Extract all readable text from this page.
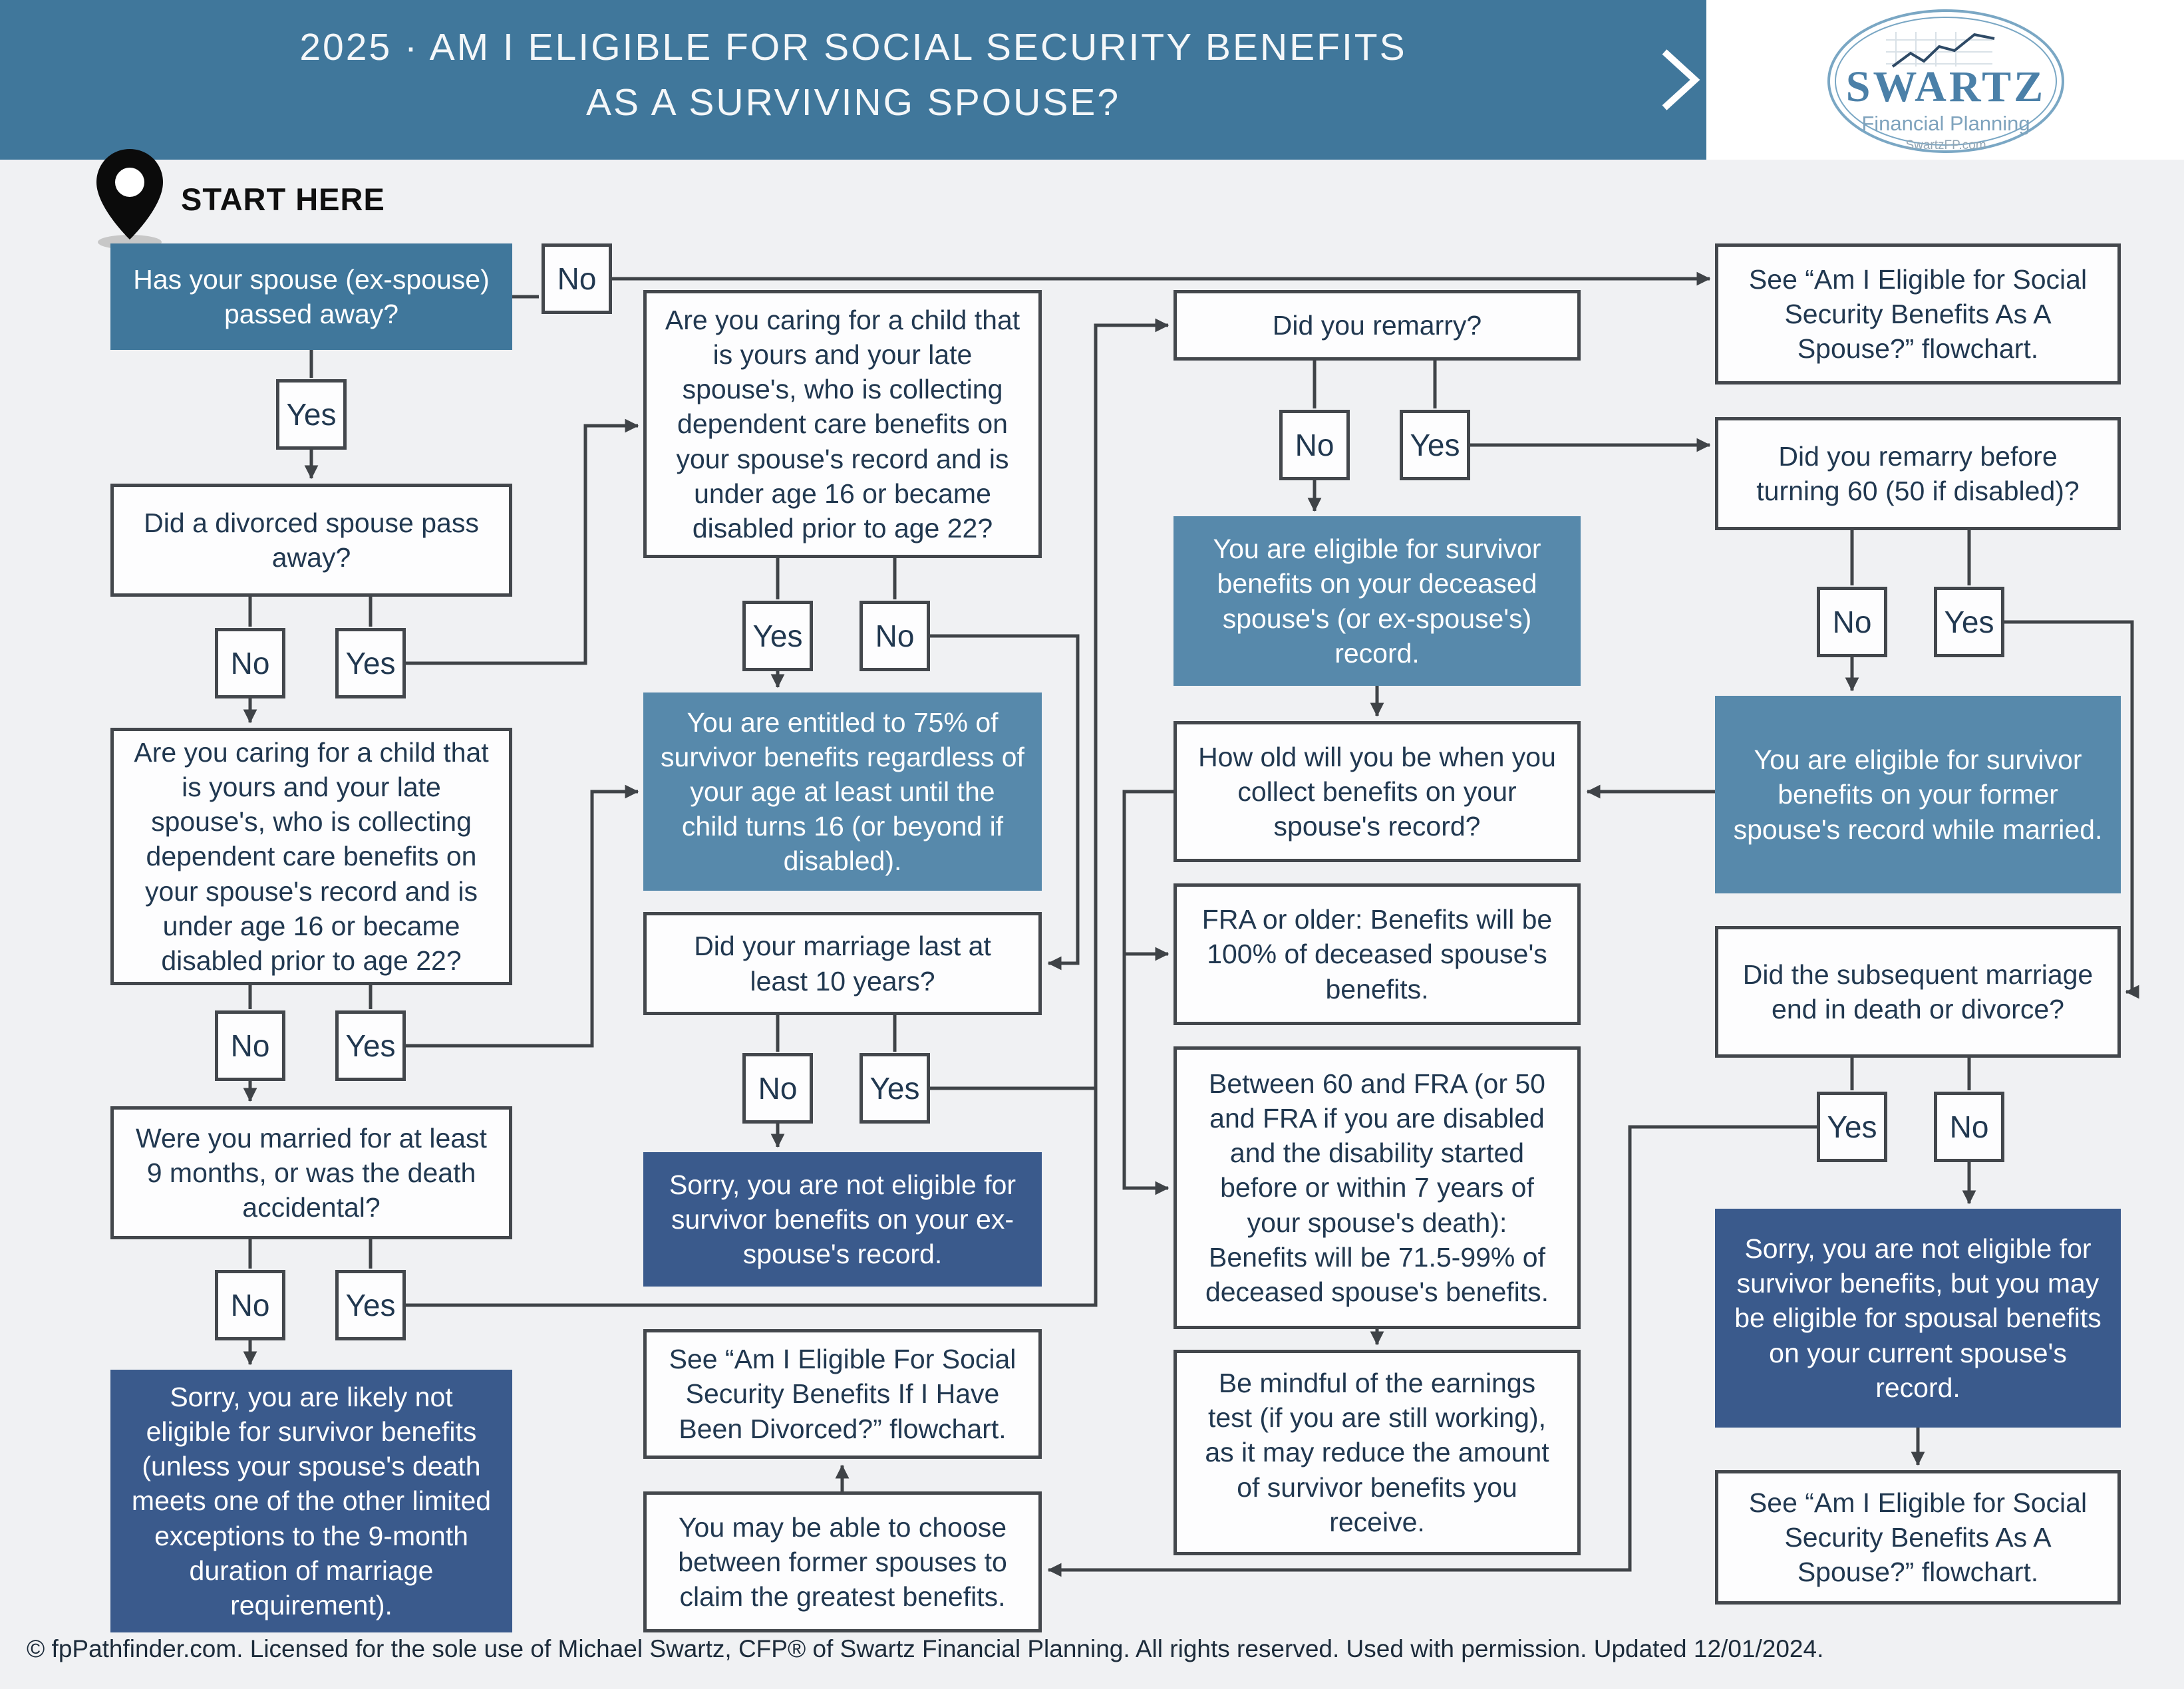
2025 · AM I ELIGIBLE FOR SOCIAL SECURITY BENEFITS
AS A SURVIVING SPOUSE?	SWARTZ
Financial Planning
SwartzFP.com
START HERE
Has your spouse (ex-spouse) passed away?
No
Yes
Did a divorced spouse pass away?
No Yes
Are you caring for a child that is yours and your late spouse's, who is collecting dependent care benefits on your spouse's record and is under age 16 or became disabled prior to age 22?
No Yes
Were you married for at least 9 months, or was the death accidental?
No Yes
Sorry, you are likely not eligible for survivor benefits (unless your spouse's death meets one of the other limited exceptions to the 9-month duration of marriage requirement).
Are you caring for a child that is yours and your late spouse's, who is collecting dependent care benefits on your spouse's record and is under age 16 or became disabled prior to age 22?
Yes No
You are entitled to 75% of survivor benefits regardless of your age at least until the child turns 16 (or beyond if disabled).
Did your marriage last at least 10 years?
No Yes
Sorry, you are not eligible for survivor benefits on your ex-spouse's record.
See “Am I Eligible For Social Security Benefits If I Have Been Divorced?” flowchart.
You may be able to choose between former spouses to claim the greatest benefits.
Did you remarry?
No Yes
You are eligible for survivor benefits on your deceased spouse's (or ex-spouse's) record.
How old will you be when you collect benefits on your spouse's record?
FRA or older: Benefits will be 100% of deceased spouse's benefits.
Between 60 and FRA (or 50 and FRA if you are disabled and the disability started before or within 7 years of your spouse's death): Benefits will be 71.5-99% of deceased spouse's benefits.
Be mindful of the earnings test (if you are still working), as it may reduce the amount of survivor benefits you receive.
See “Am I Eligible for Social Security Benefits As A Spouse?” flowchart.
Did you remarry before turning 60 (50 if disabled)?
No Yes
You are eligible for survivor benefits on your former spouse's record while married.
Did the subsequent marriage end in death or divorce?
Yes No
Sorry, you are not eligible for survivor benefits, but you may be eligible for spousal benefits on your current spouse's record.
See “Am I Eligible for Social Security Benefits As A Spouse?” flowchart.
© fpPathfinder.com. Licensed for the sole use of Michael Swartz, CFP® of Swartz Financial Planning. All rights reserved. Used with permission. Updated 12/01/2024.
